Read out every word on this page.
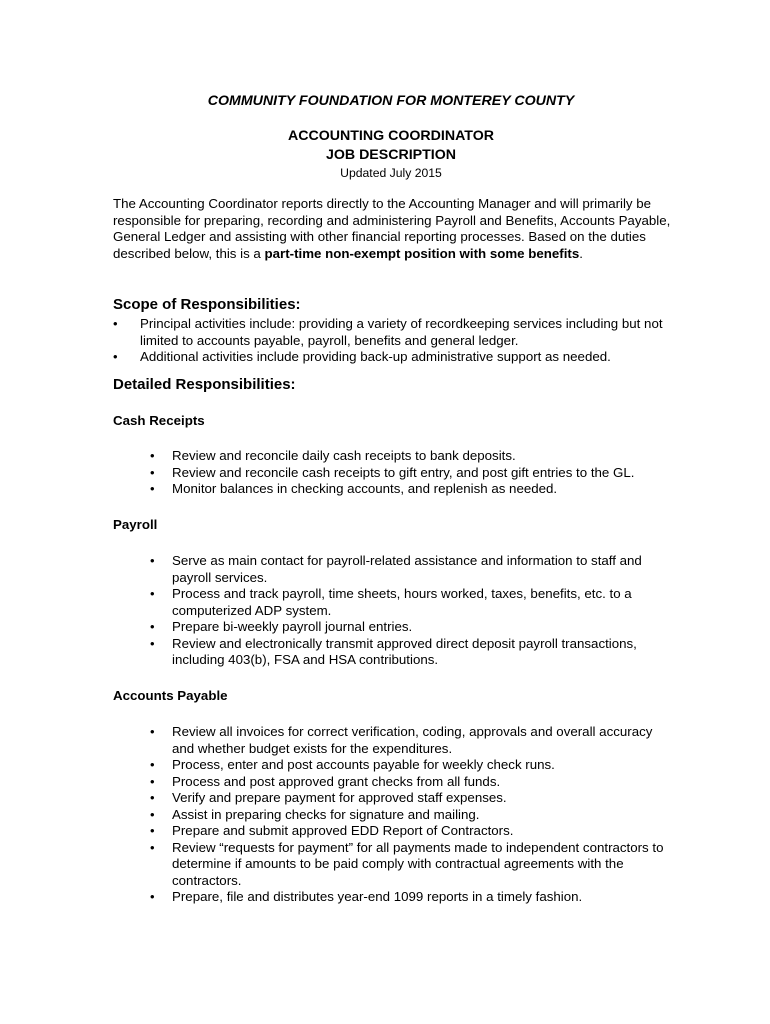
COMMUNITY FOUNDATION FOR MONTEREY COUNTY
ACCOUNTING COORDINATOR
JOB DESCRIPTION
Updated July 2015

The Accounting Coordinator reports directly to the Accounting Manager and will primarily be responsible for preparing, recording and administering Payroll and Benefits, Accounts Payable, General Ledger and assisting with other financial reporting processes. Based on the duties described below, this is a part-time non-exempt position with some benefits.

Scope of Responsibilities:
• Principal activities include: providing a variety of recordkeeping services including but not limited to accounts payable, payroll, benefits and general ledger.
• Additional activities include providing back-up administrative support as needed.
Detailed Responsibilities:
Cash Receipts
• Review and reconcile daily cash receipts to bank deposits.
• Review and reconcile cash receipts to gift entry, and post gift entries to the GL.
• Monitor balances in checking accounts, and replenish as needed.
Payroll
• Serve as main contact for payroll-related assistance and information to staff and payroll services.
• Process and track payroll, time sheets, hours worked, taxes, benefits, etc. to a computerized ADP system.
• Prepare bi-weekly payroll journal entries.
• Review and electronically transmit approved direct deposit payroll transactions, including 403(b), FSA and HSA contributions.
Accounts Payable
• Review all invoices for correct verification, coding, approvals and overall accuracy and whether budget exists for the expenditures.
• Process, enter and post accounts payable for weekly check runs.
• Process and post approved grant checks from all funds.
• Verify and prepare payment for approved staff expenses.
• Assist in preparing checks for signature and mailing.
• Prepare and submit approved EDD Report of Contractors.
• Review “requests for payment” for all payments made to independent contractors to determine if amounts to be paid comply with contractual agreements with the contractors.
• Prepare, file and distributes year-end 1099 reports in a timely fashion.
